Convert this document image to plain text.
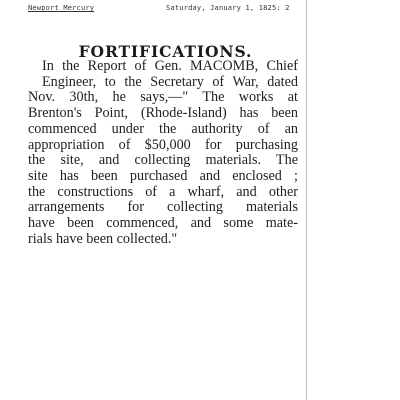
Newport Mercury	Saturday, January 1, 1825: 2
FORTIFICATIONS.
In the Report of Gen. MACOMB, Chief
Engineer, to the Secretary of War, dated
Nov. 30th, he says,—" The works at
Brenton's Point, (Rhode-Island) has been
commenced under the authority of an
appropriation of $50,000 for purchasing
the site, and collecting materials. The
site has been purchased and enclosed ;
the constructions of a wharf, and other
arrangements for collecting materials
have been commenced, and some mate-
rials have been collected."
